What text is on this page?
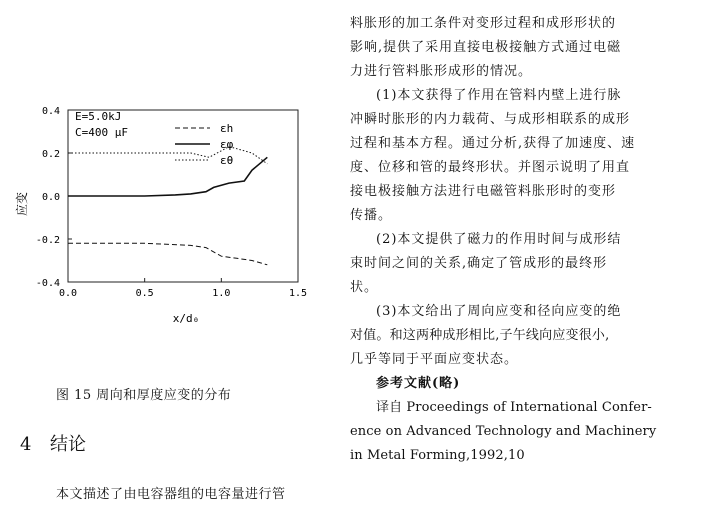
0.0	0.5	1.0	1.5
0.4
0.2
0.0
-0.2
-0.4
εh
εφ
εθ
应变
x/d₀
E=5.0kJ
C=400 μF
图 15 周向和厚度应变的分布
4 结论
本文描述了由电容器组的电容量进行管
料胀形的加工条件对变形过程和成形形状的
影响,提供了采用直接电极接触方式通过电磁
力进行管料胀形成形的情况。
(1)本文获得了作用在管料内壁上进行脉
冲瞬时胀形的内力载荷、与成形相联系的成形
过程和基本方程。通过分析,获得了加速度、速
度、位移和管的最终形状。并图示说明了用直
接电极接触方法进行电磁管料胀形时的变形
传播。
(2)本文提供了磁力的作用时间与成形结
束时间之间的关系,确定了管成形的最终形
状。
(3)本文给出了周向应变和径向应变的绝
对值。和这两种成形相比,子午线向应变很小,
几乎等同于平面应变状态。
参考文献(略)
译自 Proceedings of International Confer-
ence on Advanced Technology and Machinery
in Metal Forming,1992,10
